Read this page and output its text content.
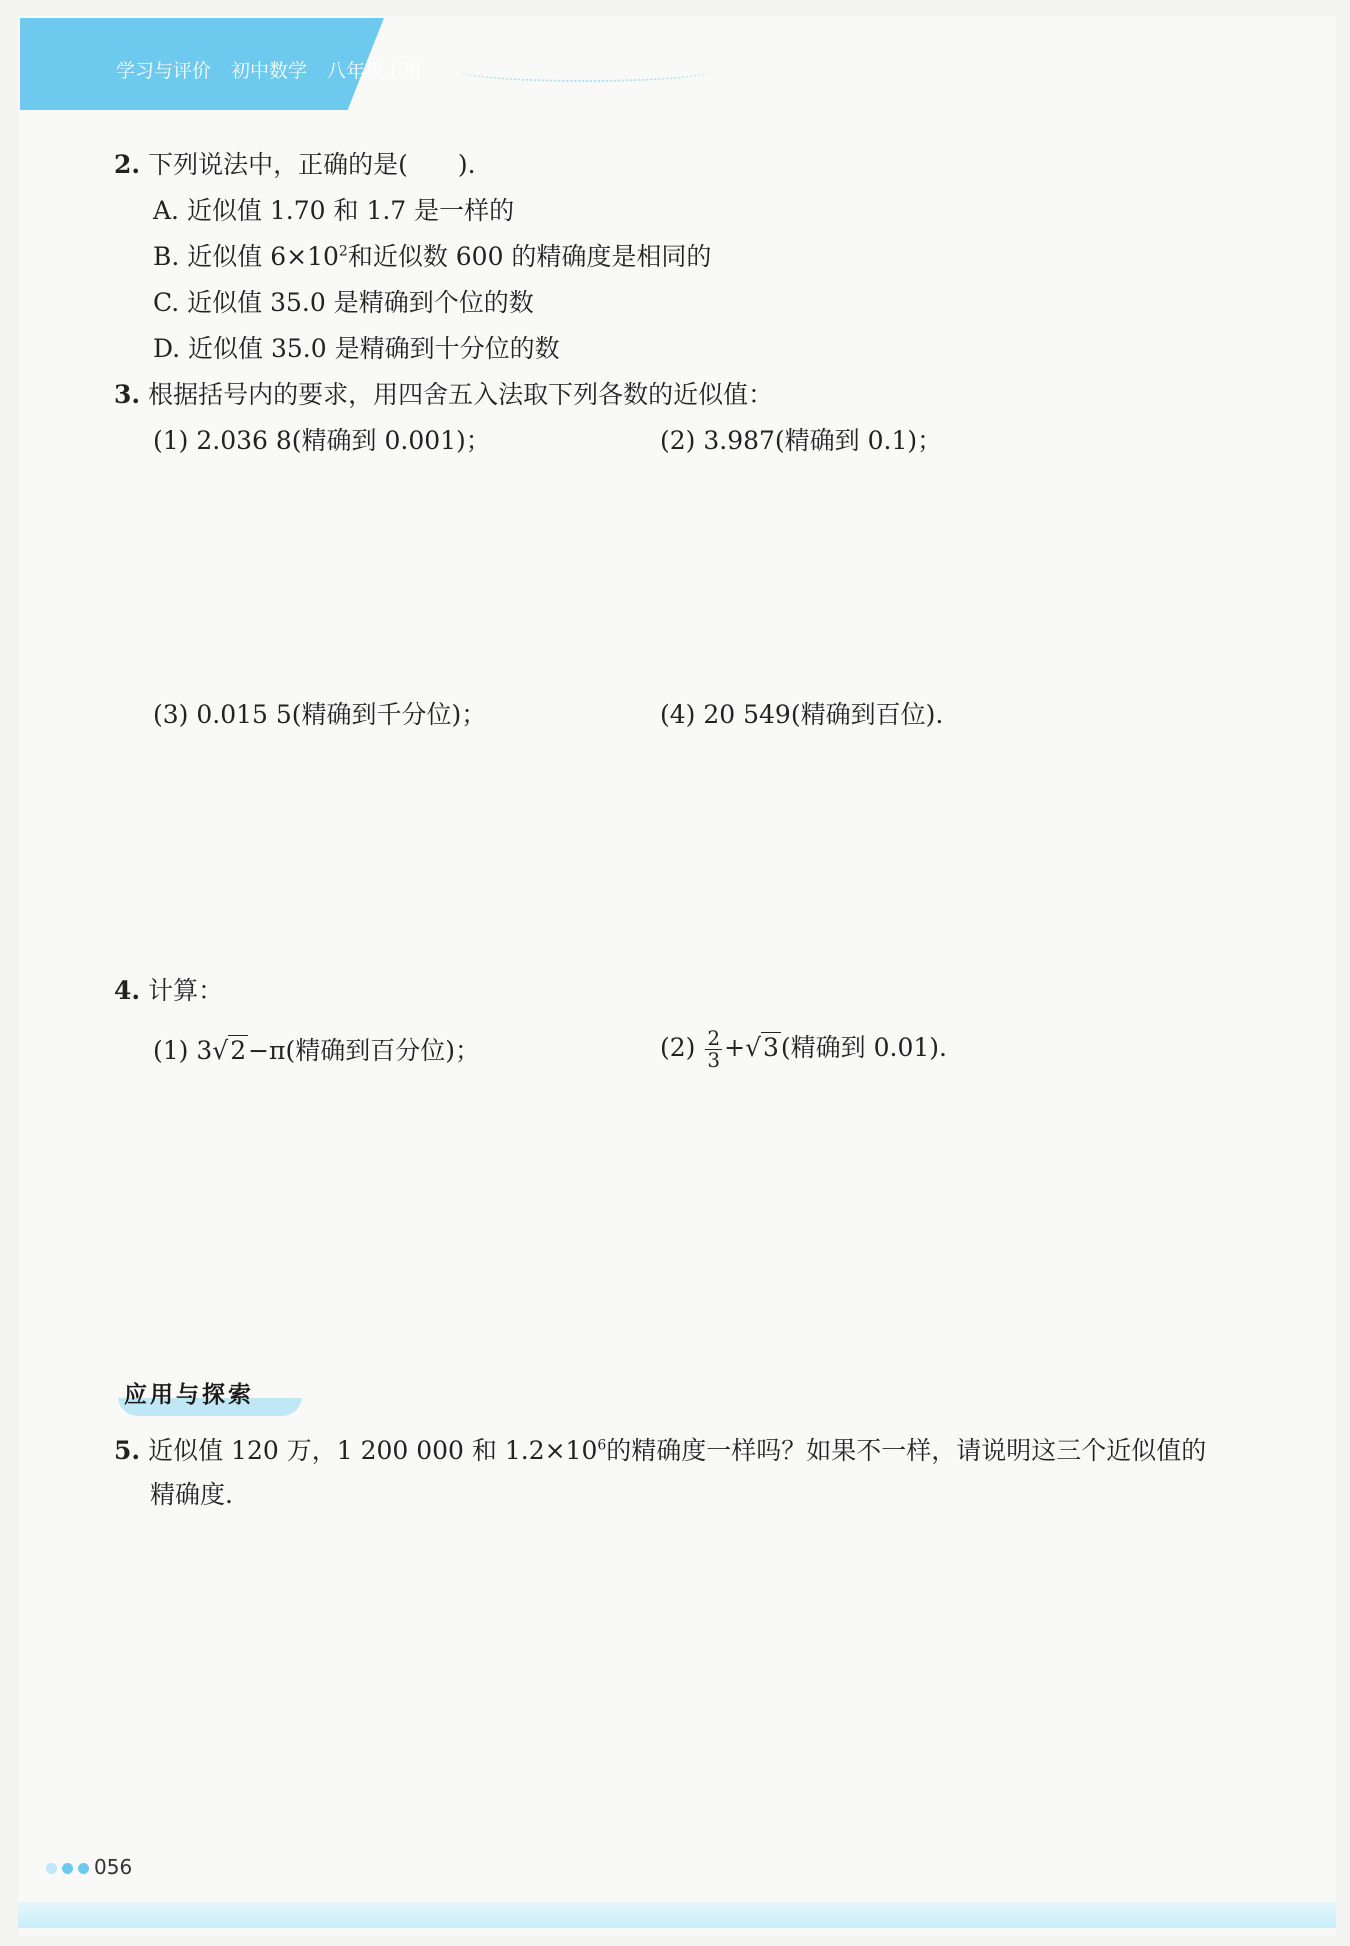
学习与评价 初中数学 八年级上册
2. 下列说法中，正确的是(　　).
A. 近似值 1.70 和 1.7 是一样的
B. 近似值 $6\times 10^2$和近似数 600 的精确度是相同的
C. 近似值 35.0 是精确到个位的数
D. 近似值 35.0 是精确到十分位的数
3. 根据括号内的要求，用四舍五入法取下列各数的近似值：
(1) 2.036 8(精确到 0.001)；	(2) 3.987(精确到 0.1)；
(3) 0.015 5(精确到千分位)；	(4) 20 549(精确到百位).
4. 计算：
(1) 3√2−π(精确到百分位)；	$(2) \frac{2}{3} +√3$(精确到 0.01).
应用与探索
5. 近似值 120 万，1 200 000 和 $1.2\times 10^6$的精确度一样吗？如果不一样，请说明这三个近似值的
精确度.
056
